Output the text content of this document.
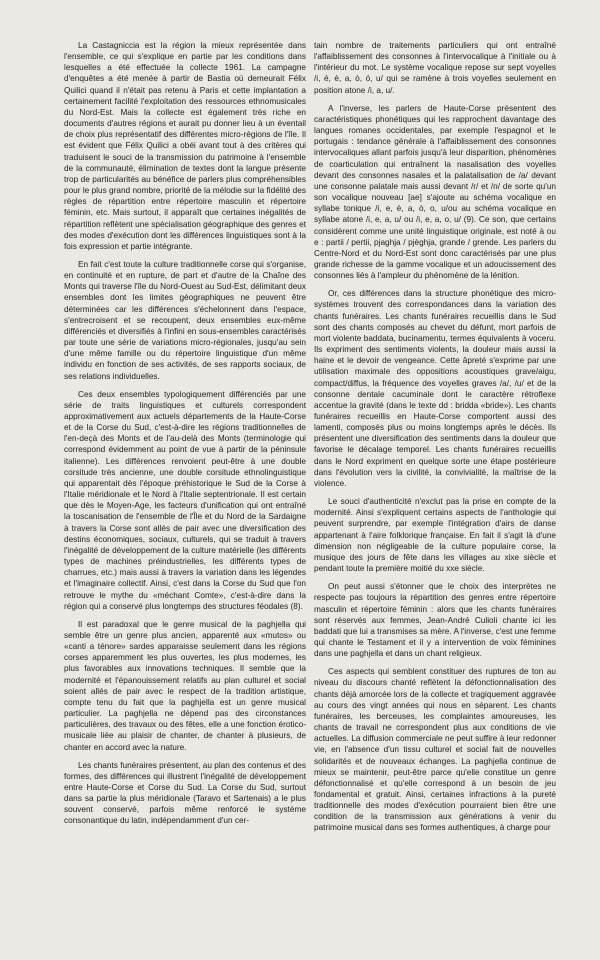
La Castagniccia est la région la mieux représentée dans l'ensemble, ce qui s'explique en partie par les conditions dans lesquelles a été effectuée la collecte 1961. La campagne d'enquêtes a été menée à partir de Bastia où demeurait Félix Quilici quand il n'était pas retenu à Paris et cette implantation a certainement facilité l'exploitation des ressources ethnomusicales du Nord-Est. Mais la collecte est également très riche en documents d'autres régions et aurait pu donner lieu à un éventail de choix plus représentatif des différentes micro-régions de l'île. Il est évident que Félix Quilici a obéi avant tout à des critères qui traduisent le souci de la transmission du patrimoine à l'ensemble de la communauté, élimination de textes dont la langue présente trop de particularités au bénéfice de parlers plus compréhensibles pour le plus grand nombre, priorité de la mélodie sur la fidélité des règles de répartition entre répertoire masculin et répertoire féminin, etc. Mais surtout, il apparaît que certaines inégalités de répartition reflètent une spécialisation géographique des genres et des modes d'exécution dont les différences linguistiques sont à la fois expression et partie intégrante.

En fait c'est toute la culture traditionnelle corse qui s'organise, en continuité et en rupture, de part et d'autre de la Chaîne des Monts qui traverse l'île du Nord-Ouest au Sud-Est, délimitant deux ensembles dont les limites géographiques ne peuvent être déterminées car les différences s'échelonnent dans l'espace, s'entrecroisent et se recoupent, deux ensembles eux-même différenciés et diversifiés à l'infini en sous-ensembles caractérisés par toute une série de variations micro-régionales, jusqu'au sein d'une même famille ou du répertoire linguistique d'un même individu en fonction de ses activités, de ses rapports sociaux, de ses relations individuelles.

Ces deux ensembles typologiquement différenciés par une série de traits linguistiques et culturels correspondent approximativement aux actuels départements de la Haute-Corse et de la Corse du Sud, c'est-à-dire les régions traditionnelles de l'en-deçà des Monts et de l'au-delà des Monts (terminologie qui correspond évidemment au point de vue à partir de la péninsule italienne). Les différences renvoient peut-être à une double corsitude très ancienne, une double corsitude ethnolinguistique qui apparentait dès l'époque préhistorique le Sud de la Corse à l'Italie méridionale et le Nord à l'Italie septentrionale. Il est certain que dès le Moyen-Age, les facteurs d'unification qui ont entraîné la toscanisation de l'ensemble de l'Île et du Nord de la Sardaigne à travers la Corse sont allés de pair avec une diversification des destins économiques, sociaux, culturels, qui se traduit à travers l'inégalité de développement de la culture matérielle (les différents types de machines préindustrielles, les différents types de charrues, etc.) mais aussi à travers la variation dans les légendes et l'imaginaire collectif. Ainsi, c'est dans la Corse du Sud que l'on retrouve le mythe du «méchant Comte», c'est-à-dire dans la région qui a conservé plus longtemps des structures féodales (8).

Il est paradoxal que le genre musical de la paghjella qui semble être un genre plus ancien, apparenté aux «mutos» ou «canti a ténore» sardes apparaisse seulement dans les régions corses apparemment les plus ouvertes, les plus modernes, les plus favorables aux innovations techniques. Il semble que la modernité et l'épanouissement relatifs au plan culturel et social soient allés de pair avec le respect de la tradition artistique, compte tenu du fait que la paghjella est un genre musical particulier. La paghjella ne dépend pas des circonstances particulières, des travaux ou des fêtes, elle a une fonction érotico-musicale liée au plaisir de chanter, de chanter à plusieurs, de chanter en accord avec la nature.

Les chants funéraires présentent, au plan des contenus et des formes, des différences qui illustrent l'inégalité de développement entre Haute-Corse et Corse du Sud. La Corse du Sud, surtout dans sa partie la plus méridionale (Taravo et Sartenais) a le plus souvent conservé, parfois même renforcé le système consonantique du latin, indépendamment d'un cer-

tain nombre de traitements particuliers qui ont entraîné l'affaiblissement des consonnes à l'intervocalique à l'initiale ou à l'intérieur du mot. Le système vocalique repose sur sept voyelles /i, é, è, a, ò, ó, u/ qui se ramène à trois voyelles seulement en position atone /i, a, u/.

A l'inverse, les parlers de Haute-Corse présentent des caractéristiques phonétiques qui les rapprochent davantage des langues romanes occidentales, par exemple l'espagnol et le portugais : tendance générale à l'affaiblissement des consonnes intervocaliques allant parfois jusqu'à leur disparition, phénomènes de coarticulation qui entraînent la nasalisation des voyelles devant des consonnes nasales et la palatalisation de /a/ devant une consonne palatale mais aussi devant /r/ et /n/ de sorte qu'un son vocalique nouveau [ae] s'ajoute au schéma vocalique en syllabe tonique /i, e, è, a, ò, o, u/ou au schéma vocalique en syllabe atone /i, e, a, u/ ou /i, e, a, o, u/ (9). Ce son, que certains considèrent comme une unité linguistique originale, est noté à ou e : partii / pertii, pjaghja / pjèghja, grande / grende. Les parlers du Centre-Nord et du Nord-Est sont donc caractérisés par une plus grande richesse de la gamme vocalique et un adoucissement des consonnes liés à l'ampleur du phénomène de la lénition.

Or, ces différences dans la structure phonétique des micro-systèmes trouvent des correspondances dans la variation des chants funéraires. Les chants funéraires recueillis dans le Sud sont des chants composés au chevet du défunt, mort parfois de mort violente baddata, bucinamentu, termes équivalents à voceru. Ils expriment des sentiments violents, la douleur mais aussi la haine et le devoir de vengeance. Cette âpreté s'exprime par une utilisation maximale des oppositions acoustiques grave/aigu, compact/diffus, la fréquence des voyelles graves /a/, /u/ et de la consonne dentale cacuminale dont le caractère rétroflexe accentue la gravité (dans le texte dd : bridda «bride»). Les chants funéraires recueillis en Haute-Corse comportent aussi des lamenti, composés plus ou moins longtemps après le décès. Ils présentent une diversification des sentiments dans la douleur que favorise le décalage temporel. Les chants funéraires recueillis dans le Nord expriment en quelque sorte une étape postérieure dans l'évolution vers la civilité, la convivialité, la maîtrise de la violence.

Le souci d'authenticité n'exclut pas la prise en compte de la modernité. Ainsi s'expliquent certains aspects de l'anthologie qui peuvent surprendre, par exemple l'intégration d'airs de danse appartenant à l'aire folklorique française. En fait il s'agit là d'une dimension non négligeable de la culture populaire corse, la musique des jours de fête dans les villages au xixe siècle et pendant toute la première moitié du xxe siècle.

On peut aussi s'étonner que le choix des interprètes ne respecte pas toujours la répartition des genres entre répertoire masculin et répertoire féminin : alors que les chants funéraires sont réservés aux femmes, Jean-André Culioli chante ici les baddati que lui a transmises sa mère. A l'inverse, c'est une femme qui chante le Testament et il y a intervention de voix féminines dans une paghjella et dans un chant religieux.

Ces aspects qui semblent constituer des ruptures de ton au niveau du discours chanté reflètent la défonctionnalisation des chants déjà amorcée lors de la collecte et tragiquement aggravée au cours des vingt années qui nous en séparent. Les chants funéraires, les berceuses, les complaintes amoureuses, les chants de travail ne correspondent plus aux conditions de vie actuelles. La diffusion commerciale ne peut suffire à leur redonner vie, en l'absence d'un tissu culturel et social fait de nouvelles solidarités et de nouveaux échanges. La paghjella continue de mieux se maintenir, peut-être parce qu'elle constitue un genre défonctionnalisé et qu'elle correspond à un besoin de jeu fondamental et gratuit. Ainsi, certaines infractions à la pureté traditionnelle des modes d'exécution pourraient bien être une condition de la transmission aux générations à venir du patrimoine musical dans ses formes authentiques, à charge pour
